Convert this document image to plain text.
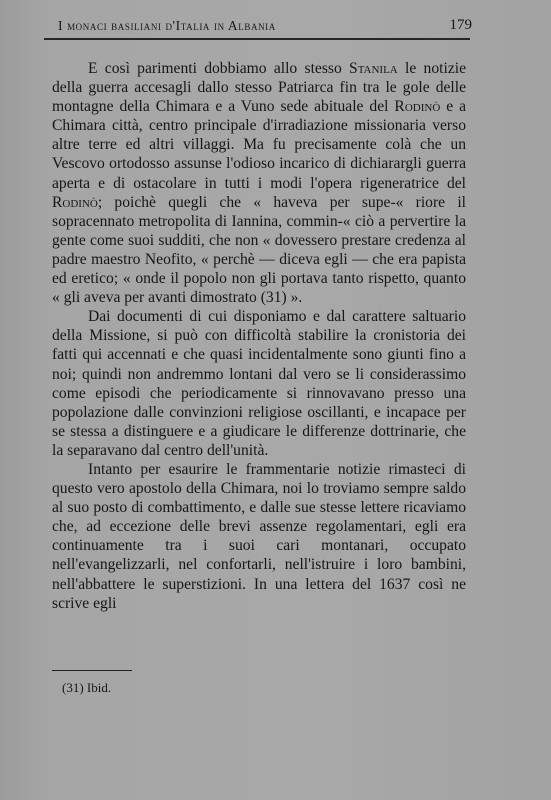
I monaci basiliani d'Italia in Albania	179

E così parimenti dobbiamo allo stesso Stanila le notizie della guerra accesagli dallo stesso Patriarca fin tra le gole delle montagne della Chimara e a Vuno sede abituale del Rodinò e a Chimara città, centro principale d'irradiazione missionaria verso altre terre ed altri villaggi. Ma fu precisamente colà che un Vescovo ortodosso assunse l'odioso incarico di dichiarargli guerra aperta e di ostacolare in tutti i modi l'opera rigeneratrice del Rodinò; poichè quegli che « haveva per supe-« riore il sopracennato metropolita di Iannina, commin-« ciò a pervertire la gente come suoi sudditi, che non « dovessero prestare credenza al padre maestro Neofito, « perchè — diceva egli — che era papista ed eretico; « onde il popolo non gli portava tanto rispetto, quanto « gli aveva per avanti dimostrato (31) ».

Dai documenti di cui disponiamo e dal carattere saltuario della Missione, si può con difficoltà stabilire la cronistoria dei fatti qui accennati e che quasi incidentalmente sono giunti fino a noi; quindi non andremmo lontani dal vero se li considerassimo come episodi che periodicamente si rinnovavano presso una popolazione dalle convinzioni religiose oscillanti, e incapace per se stessa a distinguere e a giudicare le differenze dottrinarie, che la separavano dal centro dell'unità.

Intanto per esaurire le frammentarie notizie rimasteci di questo vero apostolo della Chimara, noi lo troviamo sempre saldo al suo posto di combattimento, e dalle sue stesse lettere ricaviamo che, ad eccezione delle brevi assenze regolamentari, egli era continuamente tra i suoi cari montanari, occupato nell'evangelizzarli, nel confortarli, nell'istruire i loro bambini, nell'abbattere le superstizioni. In una lettera del 1637 così ne scrive egli

(31) Ibid.
